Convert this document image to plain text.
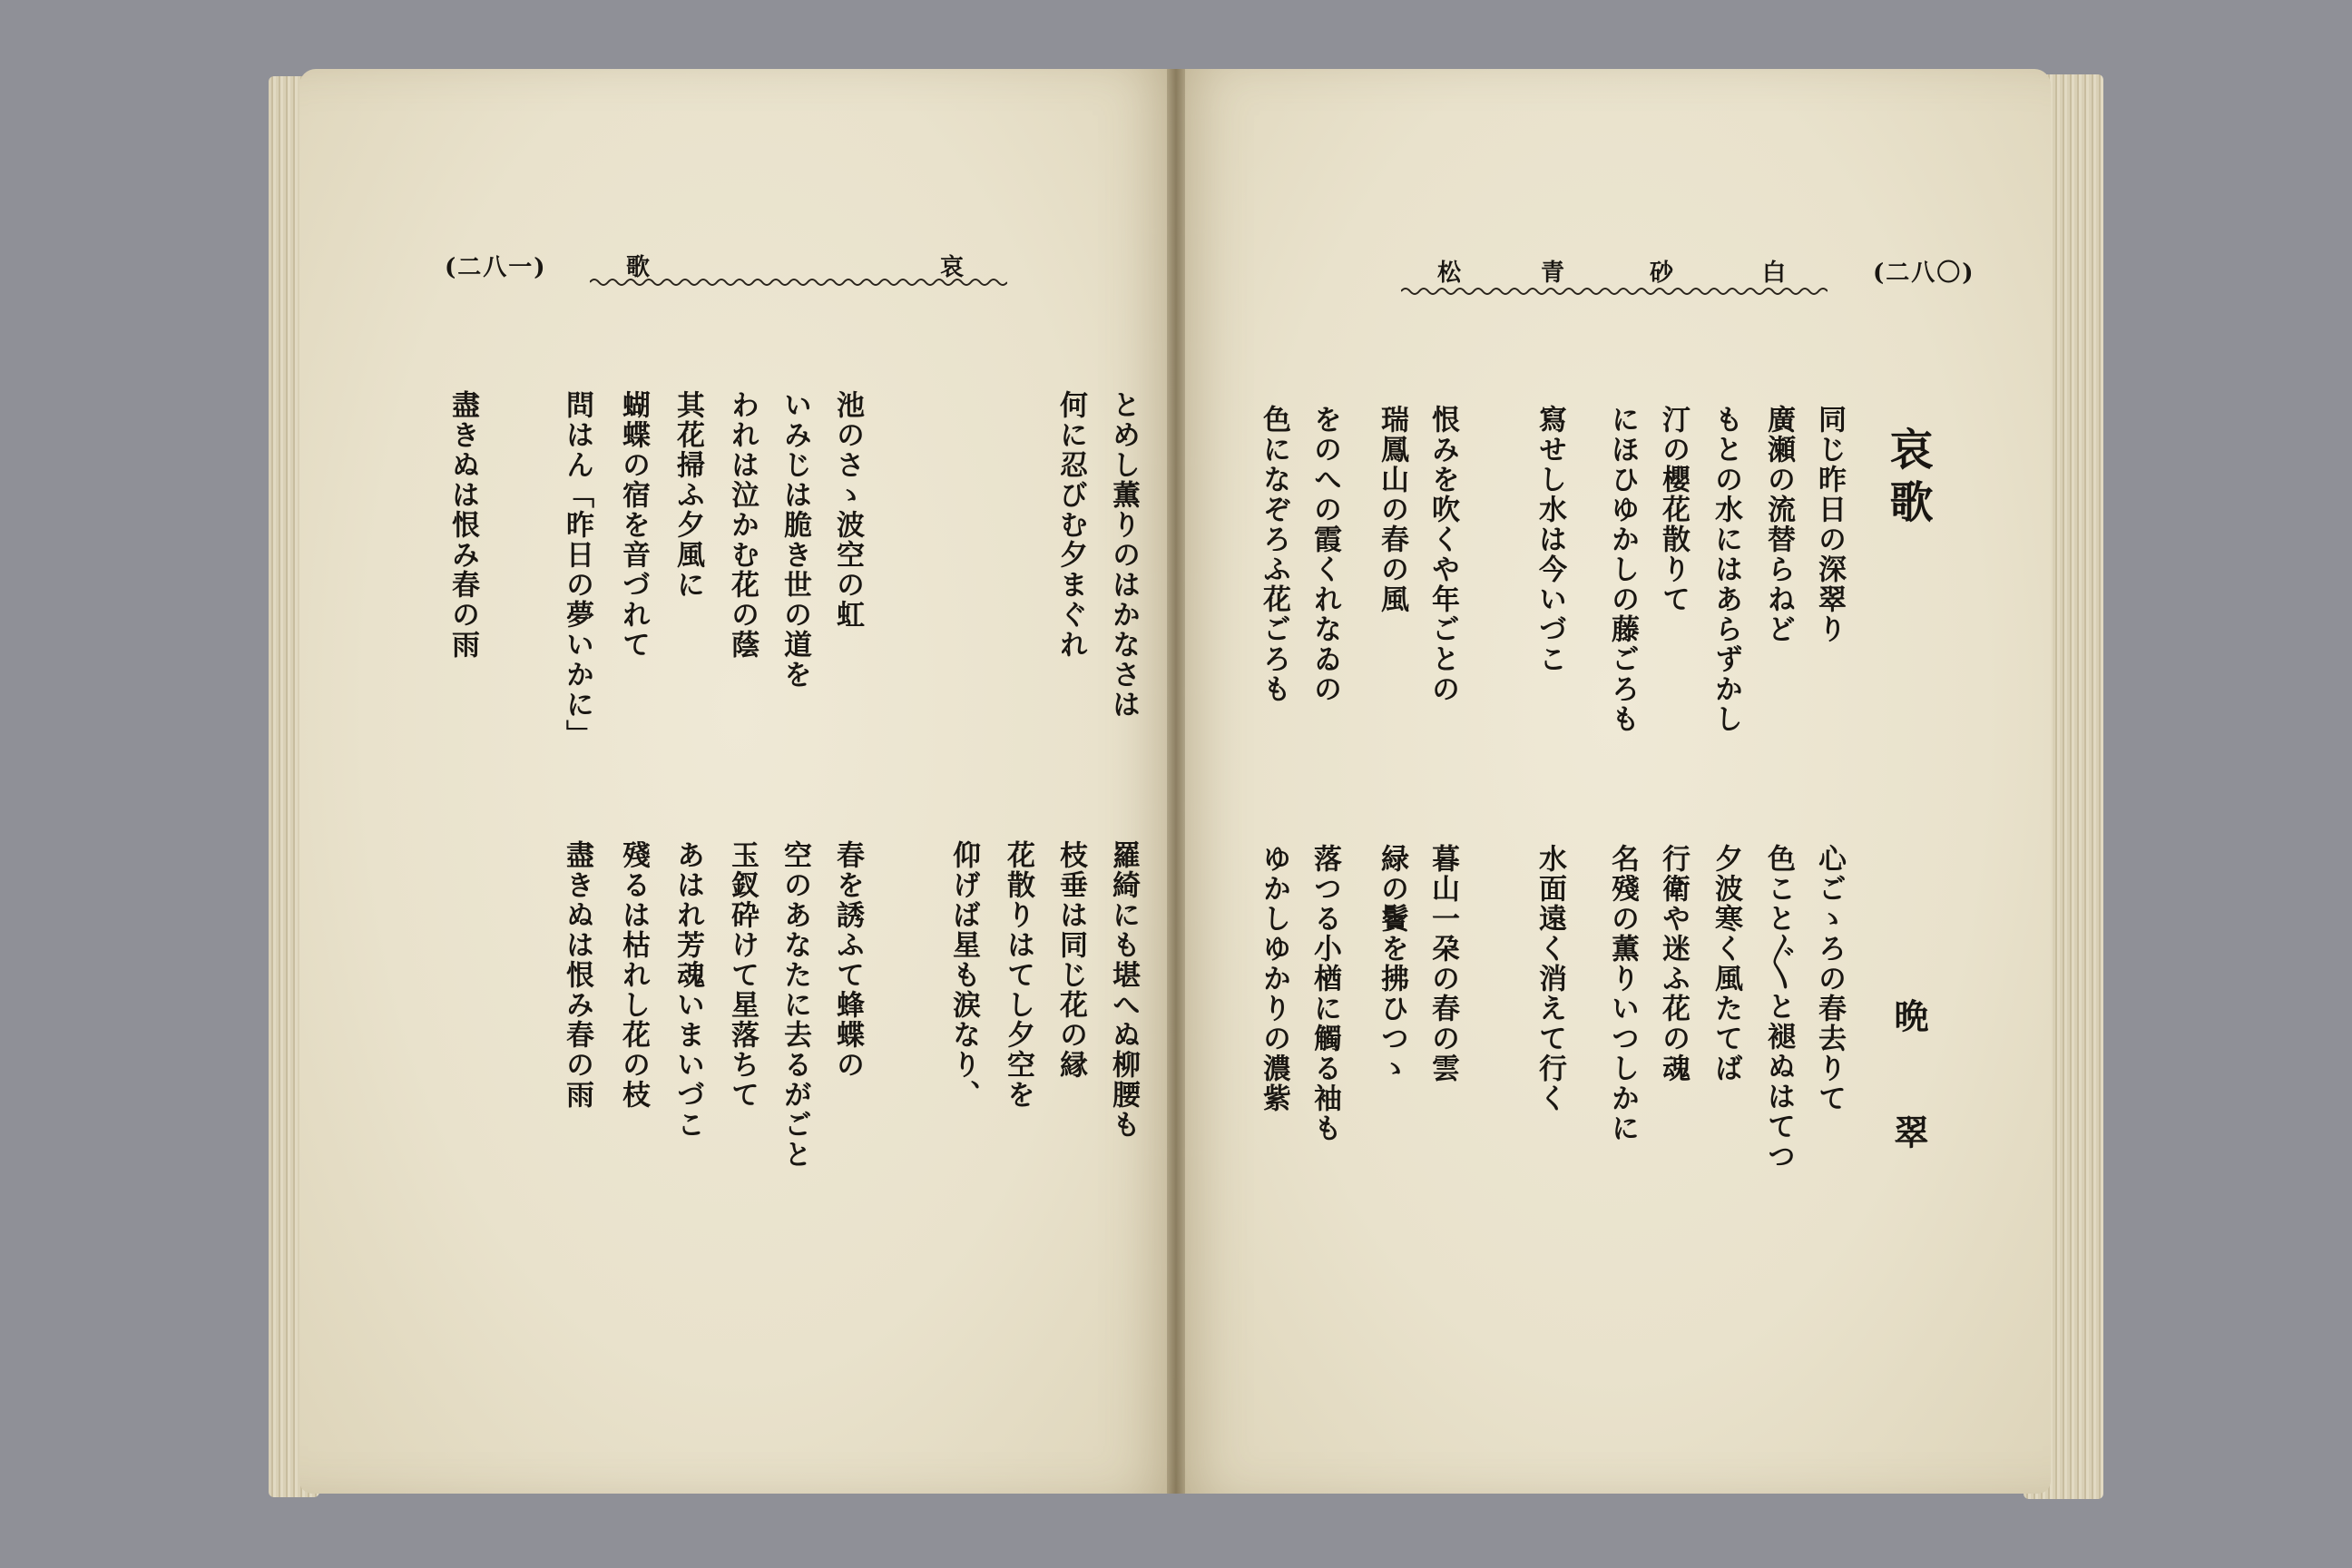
(二八一)	歌	哀	(二八〇)
松	青	砂	白
哀歌
晩翠
同じ昨日の深翠り
廣瀬の流替らねど
もとの水にはあらずかし
汀の櫻花散りて
にほひゆかしの藤ごろも
寫せし水は今いづこ
恨みを吹くや年ごとの
瑞鳳山の春の風
をのへの霞くれなゐの
色になぞろふ花ごろも
心ごゝろの春去りて
色こと〴〵と褪ぬはてつ
夕波寒く風たてば
行衛や迷ふ花の魂
名殘の薫りいつしかに
水面遠く消えて行く
暮山一朶の春の雲
緑の鬢を拂ひつゝ
落つる小楢に觸る袖も
ゆかしゆかりの濃紫
とめし薫りのはかなさは
何に忍びむ夕まぐれ
池のさゝ波空の虹
いみじは脆き世の道を
われは泣かむ花の蔭
其花掃ふ夕風に
蝴蝶の宿を音づれて
問はん「昨日の夢いかに」
盡きぬは恨み春の雨
羅綺にも堪へぬ柳腰も
枝垂は同じ花の縁
花散りはてし夕空を
仰げば星も涙なり、
春を誘ふて蜂蝶の
空のあなたに去るがごと
玉釵砕けて星落ちて
あはれ芳魂いまいづこ
殘るは枯れし花の枝
盡きぬは恨み春の雨
